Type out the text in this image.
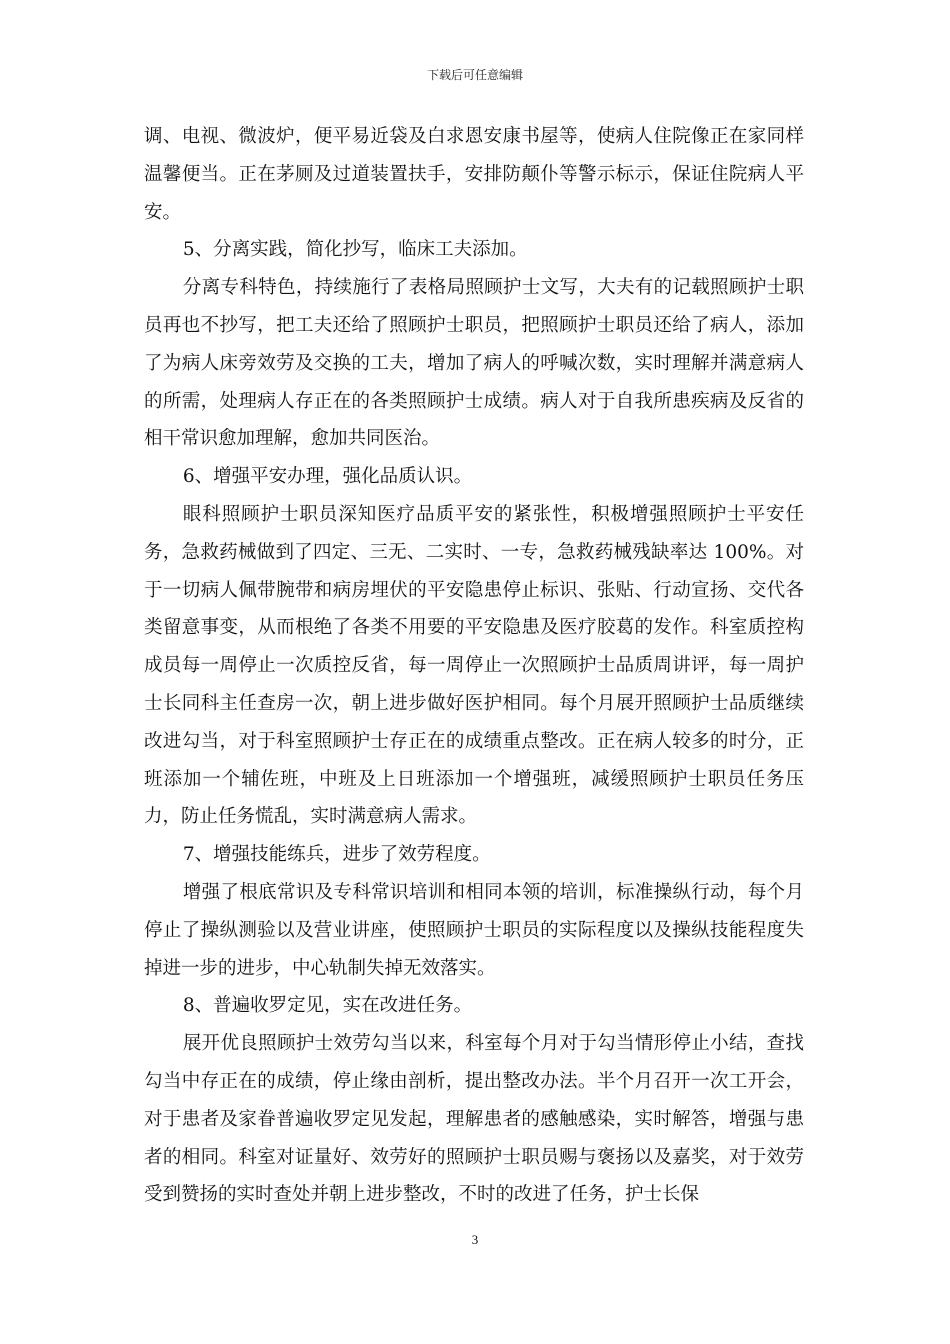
下载后可任意编辑

调、电视、微波炉，便平易近袋及白求恩安康书屋等，使病人住院像正在家同样温馨便当。正在茅厕及过道装置扶手，安排防颠仆等警示标示，保证住院病人平安。

5、分离实践，简化抄写，临床工夫添加。

分离专科特色，持续施行了表格局照顾护士文写，大夫有的记载照顾护士职员再也不抄写，把工夫还给了照顾护士职员，把照顾护士职员还给了病人，添加了为病人床旁效劳及交换的工夫，增加了病人的呼喊次数，实时理解并满意病人的所需，处理病人存正在的各类照顾护士成绩。病人对于自我所患疾病及反省的相干常识愈加理解，愈加共同医治。

6、增强平安办理，强化品质认识。

眼科照顾护士职员深知医疗品质平安的紧张性，积极增强照顾护士平安任务，急救药械做到了四定、三无、二实时、一专，急救药械残缺率达 100%。对于一切病人佩带腕带和病房埋伏的平安隐患停止标识、张贴、行动宣扬、交代各类留意事变，从而根绝了各类不用要的平安隐患及医疗胶葛的发作。科室质控构成员每一周停止一次质控反省，每一周停止一次照顾护士品质周讲评，每一周护士长同科主任查房一次，朝上进步做好医护相同。每个月展开照顾护士品质继续改进勾当，对于科室照顾护士存正在的成绩重点整改。正在病人较多的时分，正班添加一个辅佐班，中班及上日班添加一个增强班，减缓照顾护士职员任务压力，防止任务慌乱，实时满意病人需求。

7、增强技能练兵，进步了效劳程度。

增强了根底常识及专科常识培训和相同本领的培训，标准操纵行动，每个月停止了操纵测验以及营业讲座，使照顾护士职员的实际程度以及操纵技能程度失掉进一步的进步，中心轨制失掉无效落实。

8、普遍收罗定见，实在改进任务。

展开优良照顾护士效劳勾当以来，科室每个月对于勾当情形停止小结，查找勾当中存正在的成绩，停止缘由剖析，提出整改办法。半个月召开一次工开会，对于患者及家眷普遍收罗定见发起，理解患者的感触感染，实时解答，增强与患者的相同。科室对证量好、效劳好的照顾护士职员赐与褒扬以及嘉奖，对于效劳受到赞扬的实时查处并朝上进步整改，不时的改进了任务，护士长保

3
